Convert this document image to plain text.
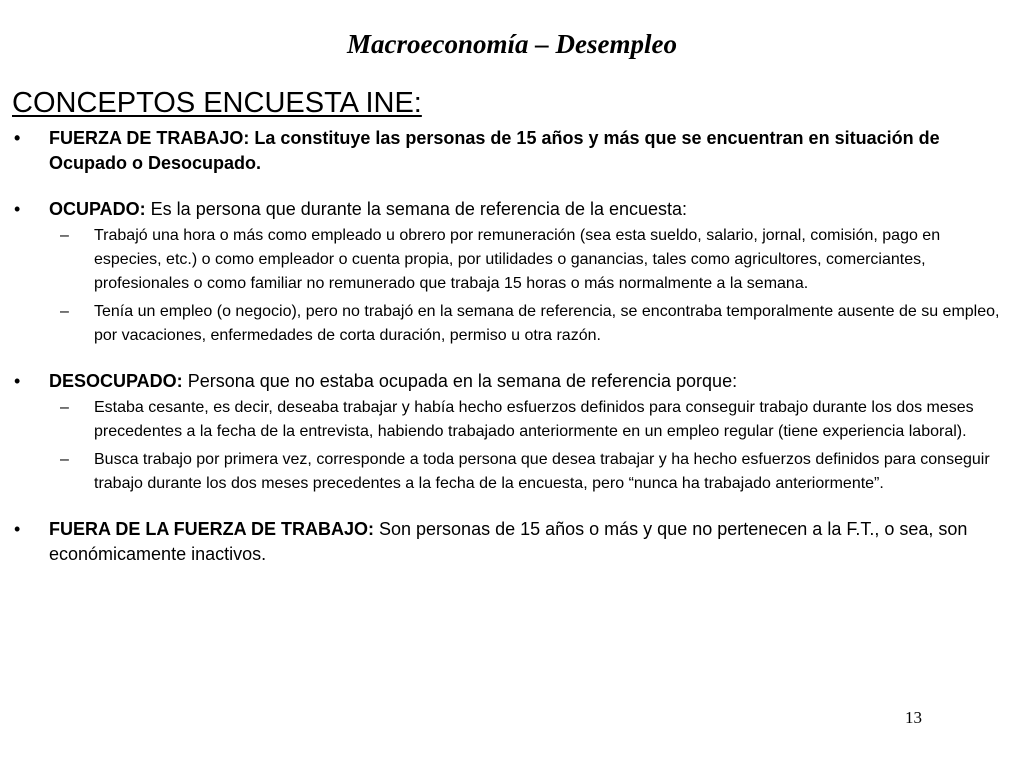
Macroeconomía – Desempleo
CONCEPTOS ENCUESTA INE:
• FUERZA DE TRABAJO: La constituye las personas de 15 años y más que se encuentran en situación de Ocupado o Desocupado.
• OCUPADO: Es la persona que durante la semana de referencia de la encuesta:
– Trabajó una hora o más como empleado u obrero por remuneración (sea esta sueldo, salario, jornal, comisión, pago en especies, etc.) o como empleador o cuenta propia, por utilidades o ganancias, tales como agricultores, comerciantes, profesionales o como familiar no remunerado que trabaja 15 horas o más normalmente a la semana.
– Tenía un empleo (o negocio), pero no trabajó en la semana de referencia, se encontraba temporalmente ausente de su empleo, por vacaciones, enfermedades de corta duración, permiso u otra razón.
• DESOCUPADO: Persona que no estaba ocupada en la semana de referencia porque:
– Estaba cesante, es decir, deseaba trabajar y había hecho esfuerzos definidos para conseguir trabajo durante los dos meses precedentes a la fecha de la entrevista, habiendo trabajado anteriormente en un empleo regular (tiene experiencia laboral).
– Busca trabajo por primera vez, corresponde a toda persona que desea trabajar y ha hecho esfuerzos definidos para conseguir trabajo durante los dos meses precedentes a la fecha de la encuesta, pero “nunca ha trabajado anteriormente”.
• FUERA DE LA FUERZA DE TRABAJO: Son personas de 15 años o más y que no pertenecen a la F.T., o sea, son económicamente inactivos.
13
